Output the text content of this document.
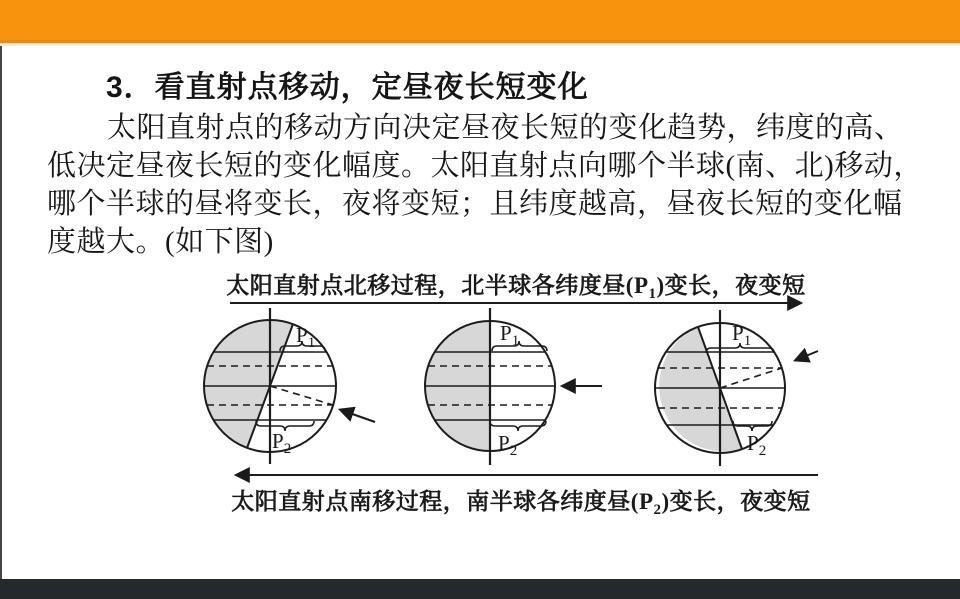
3．看直射点移动，定昼夜长短变化
太阳直射点的移动方向决定昼夜长短的变化趋势，纬度的高、
低决定昼夜长短的变化幅度。太阳直射点向哪个半球(南、北)移动，
哪个半球的昼将变长，夜将变短；且纬度越高，昼夜长短的变化幅
度越大。(如下图)
太阳直射点北移过程，北半球各纬度昼$(P_1)$变长，夜变短
$P_1$
$P_2$
$P_1$
$P_2$
$P_1$
$P_2$
太阳直射点南移过程，南半球各纬度昼$(P_2)$变长，夜变短
